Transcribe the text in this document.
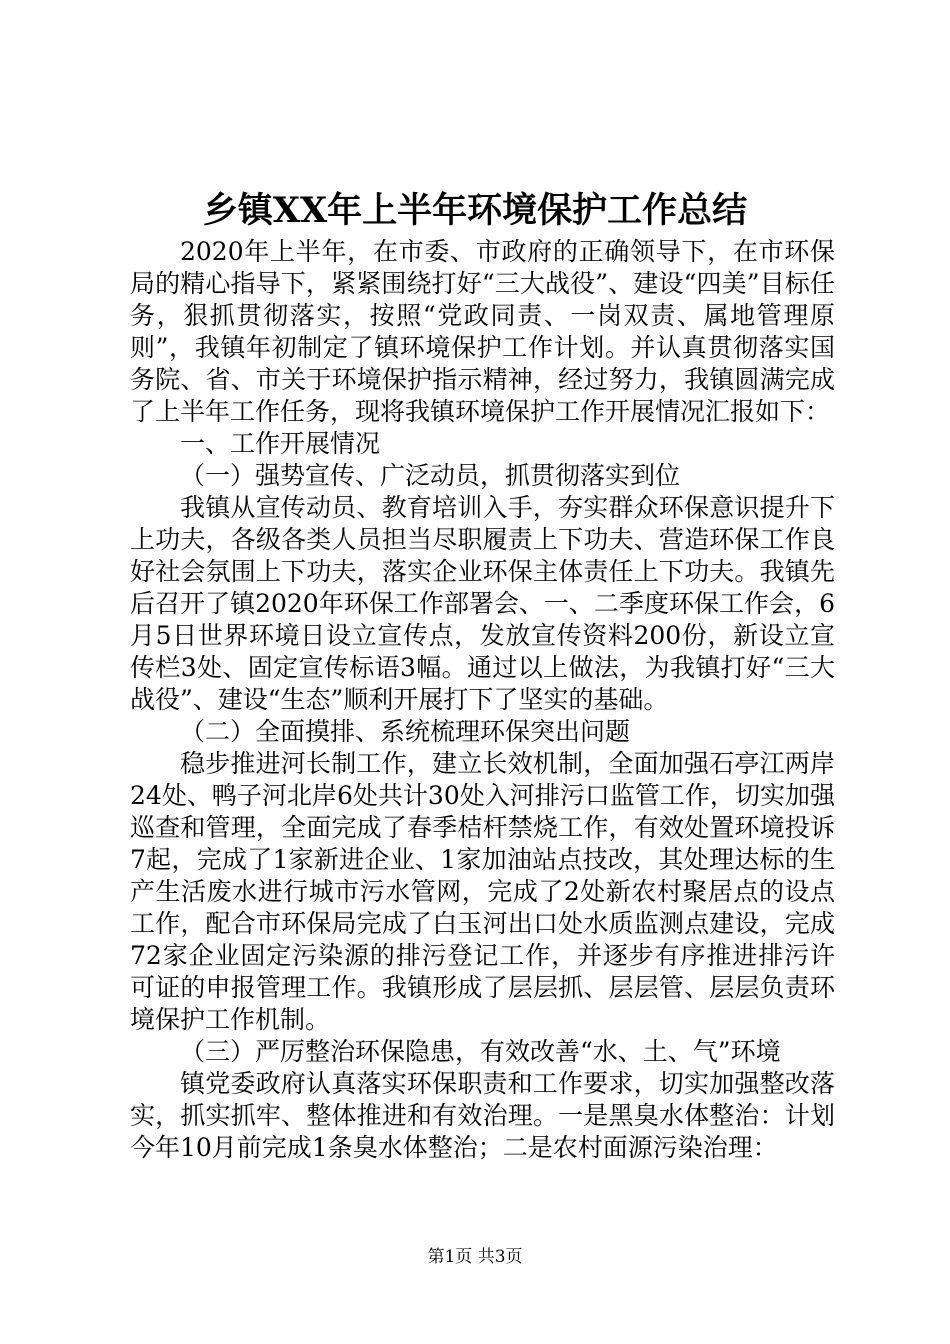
乡镇XX年上半年环境保护工作总结

2020年上半年，在市委、市政府的正确领导下，在市环保局的精心指导下，紧紧围绕打好“三大战役”、建设“四美”目标任务，狠抓贯彻落实，按照“党政同责、一岗双责、属地管理原则”，我镇年初制定了镇环境保护工作计划。并认真贯彻落实国务院、省、市关于环境保护指示精神，经过努力，我镇圆满完成了上半年工作任务，现将我镇环境保护工作开展情况汇报如下：

一、工作开展情况

（一）强势宣传、广泛动员，抓贯彻落实到位

我镇从宣传动员、教育培训入手，夯实群众环保意识提升下上功夫，各级各类人员担当尽职履责上下功夫、营造环保工作良好社会氛围上下功夫，落实企业环保主体责任上下功夫。我镇先后召开了镇2020年环保工作部署会、一、二季度环保工作会，6月5日世界环境日设立宣传点，发放宣传资料200份，新设立宣传栏3处、固定宣传标语3幅。通过以上做法，为我镇打好“三大战役”、建设“生态”顺利开展打下了坚实的基础。

（二）全面摸排、系统梳理环保突出问题

稳步推进河长制工作，建立长效机制，全面加强石亭江两岸24处、鸭子河北岸6处共计30处入河排污口监管工作，切实加强巡查和管理，全面完成了春季桔杆禁烧工作，有效处置环境投诉7起，完成了1家新进企业、1家加油站点技改，其处理达标的生产生活废水进行城市污水管网，完成了2处新农村聚居点的设点工作，配合市环保局完成了白玉河出口处水质监测点建设，完成72家企业固定污染源的排污登记工作，并逐步有序推进排污许可证的申报管理工作。我镇形成了层层抓、层层管、层层负责环境保护工作机制。

（三）严厉整治环保隐患，有效改善“水、土、气”环境

镇党委政府认真落实环保职责和工作要求，切实加强整改落实，抓实抓牢、整体推进和有效治理。一是黑臭水体整治：计划今年10月前完成1条臭水体整治；二是农村面源污染治理：

第1页 共3页
